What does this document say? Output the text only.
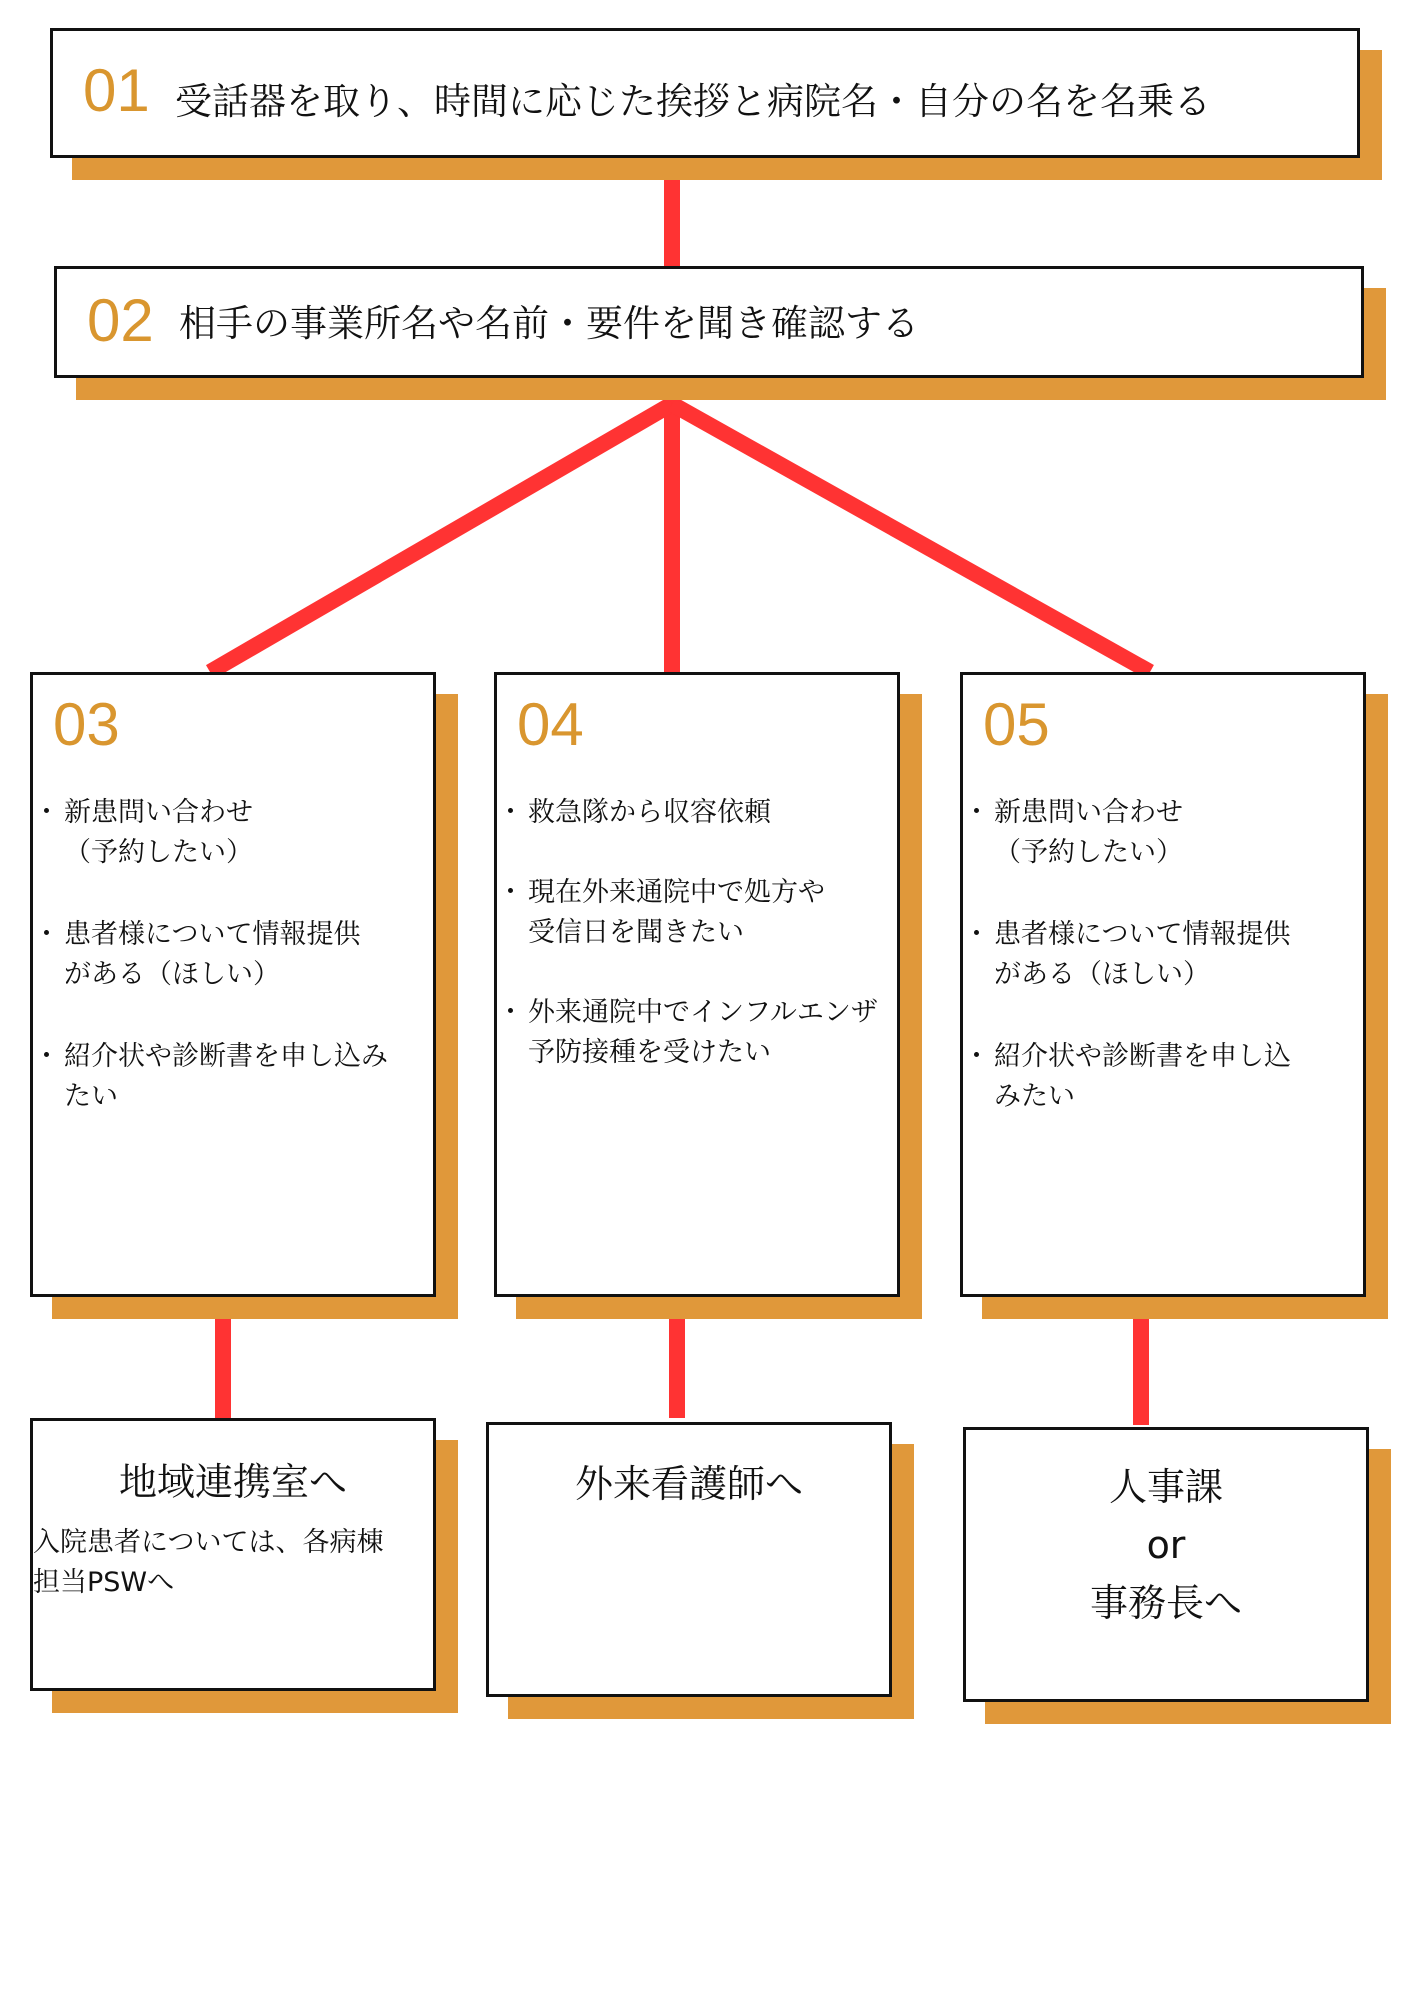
01 受話器を取り、時間に応じた挨拶と病院名・自分の名を名乗る
02 相手の事業所名や名前・要件を聞き確認する
03
・ 新患問い合わせ
（予約したい）
・ 患者様について情報提供
がある（ほしい）
・ 紹介状や診断書を申し込み
たい
04
・ 救急隊から収容依頼
・ 現在外来通院中で処方や
受信日を聞きたい
・ 外来通院中でインフルエンザ
予防接種を受けたい
05
・ 新患問い合わせ
（予約したい）
・ 患者様について情報提供
がある（ほしい）
・ 紹介状や診断書を申し込
みたい
地域連携室へ
入院患者については、各病棟
担当PSWへ
外来看護師へ	人事課
or
事務長へ
